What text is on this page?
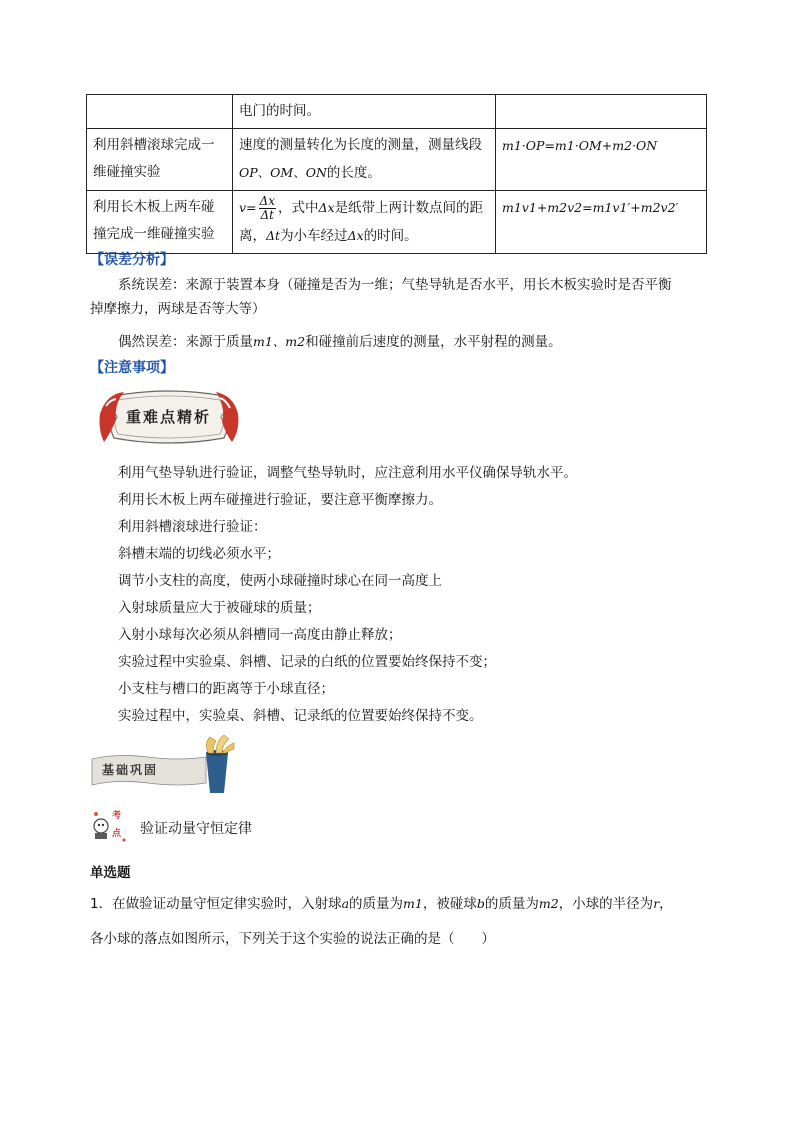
	电门的时间。	
利用斜槽滚球完成一维碰撞实验	速度的测量转化为长度的测量，测量线段OP、OM、ON的长度。	m1·OP=m1·OM+m2·ON
利用长木板上两车碰撞完成一维碰撞实验	$v= \frac{\Delta x}{\Delta t}$ ，式中Δx是纸带上两计数点间的距离，Δt为小车经过Δx的时间。	m1v1+m2v2=m1v1′+m2v2′
【误差分析】
系统误差：来源于装置本身（碰撞是否为一维；气垫导轨是否水平，用长木板实验时是否平衡
掉摩擦力，两球是否等大等）
偶然误差：来源于质量m1、m2和碰撞前后速度的测量，水平射程的测量。
【注意事项】
重难点精析
利用气垫导轨进行验证，调整气垫导轨时，应注意利用水平仪确保导轨水平。
利用长木板上两车碰撞进行验证，要注意平衡摩擦力。
利用斜槽滚球进行验证：
斜槽末端的切线必须水平；
调节小支柱的高度，使两小球碰撞时球心在同一高度上
入射球质量应大于被碰球的质量；
入射小球每次必须从斜槽同一高度由静止释放；
实验过程中实验桌、斜槽、记录的白纸的位置要始终保持不变；
小支柱与槽口的距离等于小球直径；
实验过程中，实验桌、斜槽、记录纸的位置要始终保持不变。
基础巩固
考
点 验证动量守恒定律
单选题
1．在做验证动量守恒定律实验时，入射球a的质量为m1，被碰球b的质量为m2，小球的半径为r，
各小球的落点如图所示，下列关于这个实验的说法正确的是（　　）
